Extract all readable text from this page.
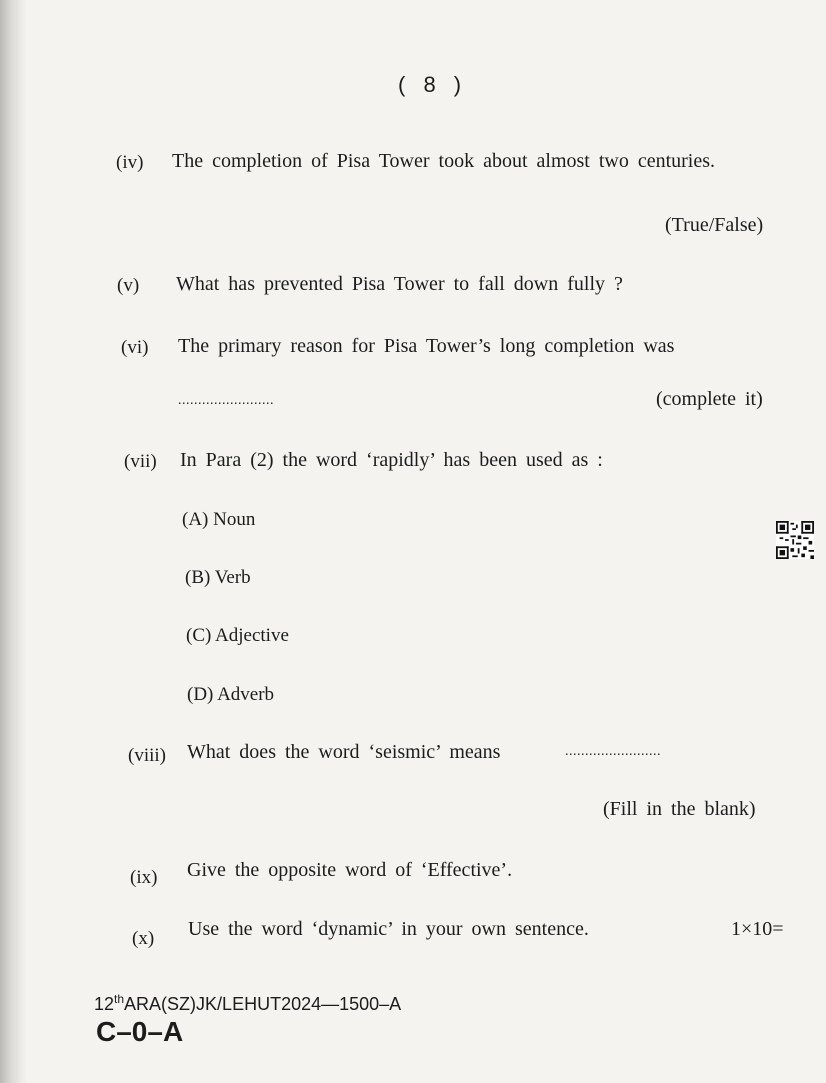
( 8 )
(iv) The completion of Pisa Tower took about almost two centuries.
(True/False)
(v) What has prevented Pisa Tower to fall down fully ?
(vi) The primary reason for Pisa Tower’s long completion was
........................	(complete it)
(vii) In Para (2) the word ‘rapidly’ has been used as :
(A) Noun
(B) Verb
(C) Adjective
(D) Adverb
(viii) What does the word ‘seismic’ means	........................
(Fill in the blank)
(ix) Give the opposite word of ‘Effective’.
(x) Use the word ‘dynamic’ in your own sentence.	1×10=
12thARA(SZ)JK/LEHUT2024—1500–A
C–0–A
